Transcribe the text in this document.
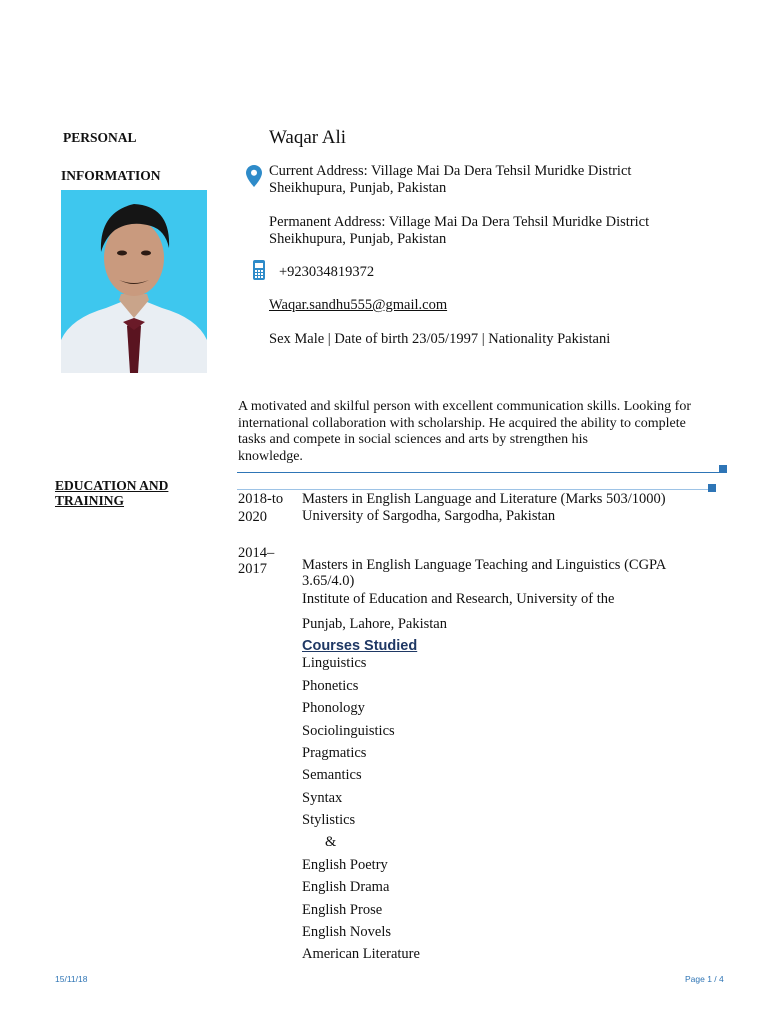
PERSONAL
INFORMATION
Waqar Ali
Current Address: Village Mai Da Dera Tehsil Muridke District
Sheikhupura, Punjab, Pakistan
Permanent Address: Village Mai Da Dera Tehsil Muridke District
Sheikhupura, Punjab, Pakistan
+923034819372
Waqar.sandhu555@gmail.com
Sex Male | Date of birth 23/05/1997 | Nationality Pakistani
A motivated and skilful person with excellent communication skills. Looking for
international collaboration with scholarship. He acquired the ability to complete
tasks and compete in social sciences and arts by strengthen his
knowledge.
EDUCATION AND
TRAINING	2018-to
2020
Masters in English Language and Literature (Marks 503/1000)
University of Sargodha, Sargodha, Pakistan
2014–
2017 Masters in English Language Teaching and Linguistics (CGPA
3.65/4.0)
Institute of Education and Research, University of the
Punjab, Lahore, Pakistan
Courses Studied
Linguistics
Phonetics
Phonology
Sociolinguistics
Pragmatics
Semantics
Syntax
Stylistics
&
English Poetry
English Drama
English Prose
English Novels
American Literature
15/11/18	Page 1 / 4
